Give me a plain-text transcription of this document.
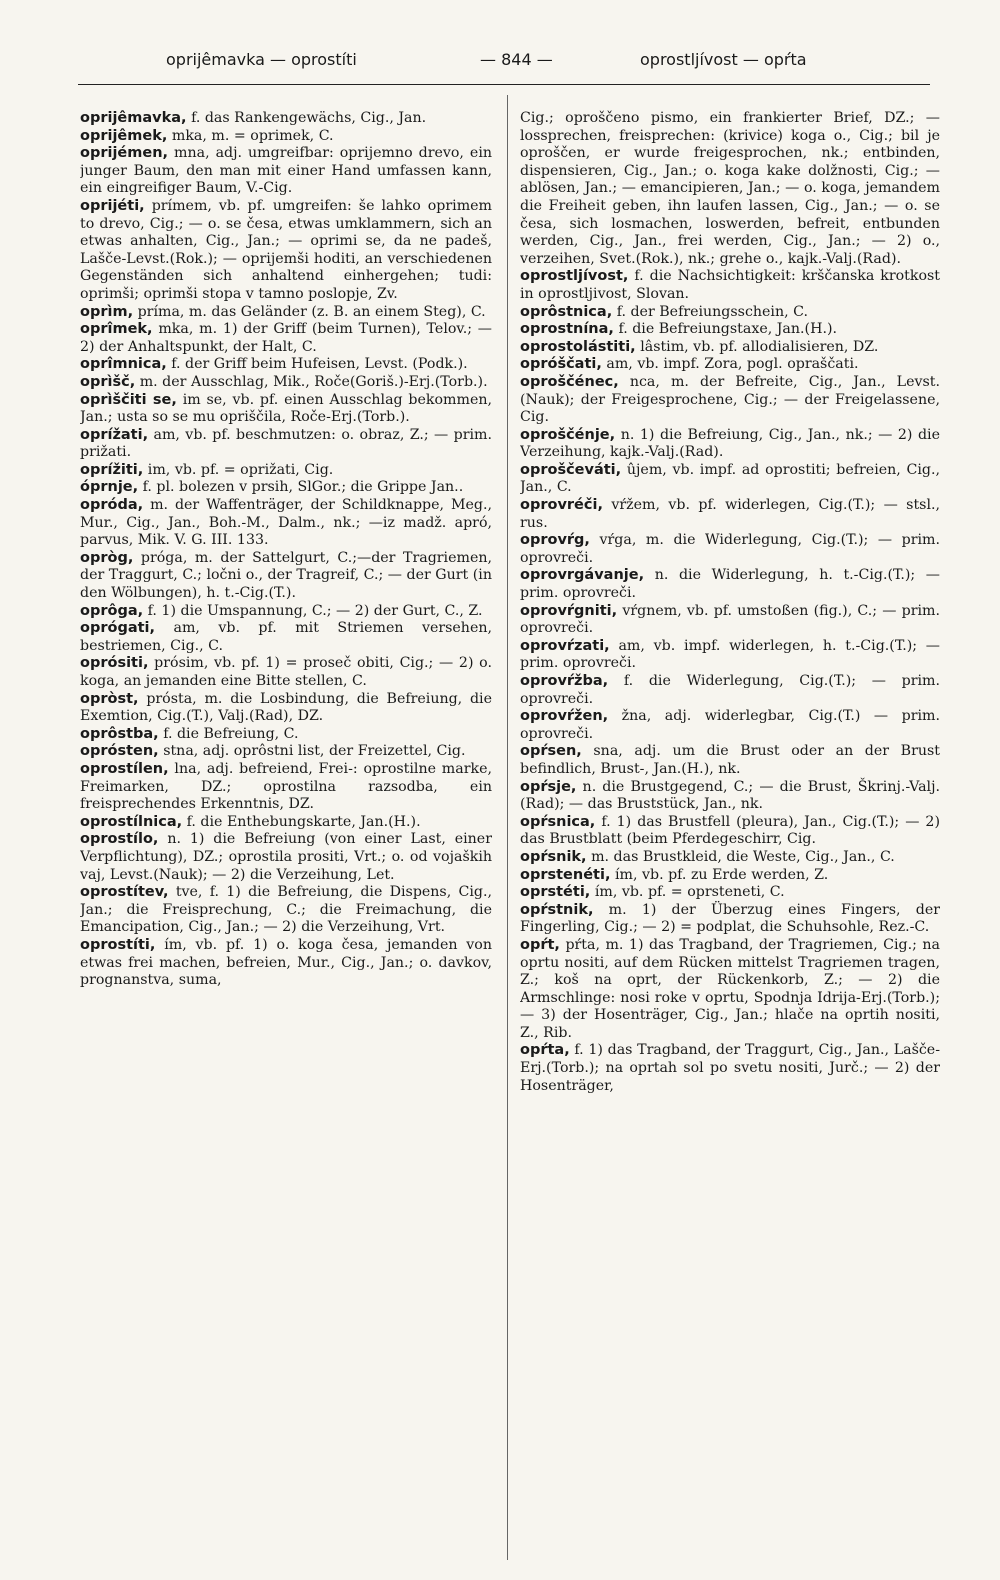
oprijêmavka — oprostíti	— 844 —	oprostljívost — opŕta

oprijêmavka, f. das Rankengewächs, Cig., Jan.

oprijêmek, mka, m. = oprimek, C.

oprijémen, mna, adj. umgreifbar: oprijemno drevo, ein junger Baum, den man mit einer Hand umfassen kann, ein eingreifiger Baum, V.-Cig.

oprijéti, prímem, vb. pf. umgreifen: še lahko oprimem to drevo, Cig.; — o. se česa, etwas umklammern, sich an etwas anhalten, Cig., Jan.; — oprimi se, da ne padeš, Lašče-Levst.(Rok.); — oprijemši hoditi, an verschiedenen Gegenständen sich anhaltend einhergehen; tudi: oprimši; oprimši stopa v tamno poslopje, Zv.

oprìm, príma, m. das Geländer (z. B. an einem Steg), C.

oprîmek, mka, m. 1) der Griff (beim Turnen), Telov.; — 2) der Anhaltspunkt, der Halt, C.

oprîmnica, f. der Griff beim Hufeisen, Levst. (Podk.).

oprìšč, m. der Ausschlag, Mik., Roče(Goriš.)-Erj.(Torb.).

oprìščiti se, im se, vb. pf. einen Ausschlag bekommen, Jan.; usta so se mu opriščila, Roče-Erj.(Torb.).

oprížati, am, vb. pf. beschmutzen: o. obraz, Z.; — prim. prižati.

oprížiti, im, vb. pf. = oprižati, Cig.

óprnje, f. pl. bolezen v prsih, SlGor.; die Grippe Jan..

opróda, m. der Waffenträger, der Schildknappe, Meg., Mur., Cig., Jan., Boh.-M., Dalm., nk.; —iz madž. apró, parvus, Mik. V. G. III. 133.

opròg, próga, m. der Sattelgurt, C.;—der Tragriemen, der Traggurt, C.; ločni o., der Tragreif, C.; — der Gurt (in den Wölbungen), h. t.-Cig.(T.).

oprôga, f. 1) die Umspannung, C.; — 2) der Gurt, C., Z.

oprógati, am, vb. pf. mit Striemen versehen, bestriemen, Cig., C.

oprósiti, prósim, vb. pf. 1) = proseč obiti, Cig.; — 2) o. koga, an jemanden eine Bitte stellen, C.

opròst, prósta, m. die Losbindung, die Befreiung, die Exemtion, Cig.(T.), Valj.(Rad), DZ.

oprôstba, f. die Befreiung, C.

oprósten, stna, adj. oprôstni list, der Freizettel, Cig.

oprostílen, lna, adj. befreiend, Frei-: oprostilne marke, Freimarken, DZ.; oprostilna razsodba, ein freisprechendes Erkenntnis, DZ.

oprostílnica, f. die Enthebungskarte, Jan.(H.).

oprostílo, n. 1) die Befreiung (von einer Last, einer Verpflichtung), DZ.; oprostila prositi, Vrt.; o. od vojaških vaj, Levst.(Nauk); — 2) die Verzeihung, Let.

oprostítev, tve, f. 1) die Befreiung, die Dispens, Cig., Jan.; die Freisprechung, C.; die Freimachung, die Emancipation, Cig., Jan.; — 2) die Verzeihung, Vrt.

oprostíti, ím, vb. pf. 1) o. koga česa, jemanden von etwas frei machen, befreien, Mur., Cig., Jan.; o. davkov, prognanstva, suma,

Cig.; oproščeno pismo, ein frankierter Brief, DZ.; — lossprechen, freisprechen: (krivice) koga o., Cig.; bil je oproščen, er wurde freigesprochen, nk.; entbinden, dispensieren, Cig., Jan.; o. koga kake dolžnosti, Cig.; — ablösen, Jan.; — emancipieren, Jan.; — o. koga, jemandem die Freiheit geben, ihn laufen lassen, Cig., Jan.; — o. se česa, sich losmachen, loswerden, befreit, entbunden werden, Cig., Jan., frei werden, Cig., Jan.; — 2) o., verzeihen, Svet.(Rok.), nk.; grehe o., kajk.-Valj.(Rad).

oprostljívost, f. die Nachsichtigkeit: krščanska krotkost in oprostljivost, Slovan.

oprôstnica, f. der Befreiungsschein, C.

oprostnína, f. die Befreiungstaxe, Jan.(H.).

oprostolástiti, lâstim, vb. pf. allodialisieren, DZ.

opróščati, am, vb. impf. Zora, pogl. opraščati.

oproščénec, nca, m. der Befreite, Cig., Jan., Levst.(Nauk); der Freigesprochene, Cig.; — der Freigelassene, Cig.

oproščénje, n. 1) die Befreiung, Cig., Jan., nk.; — 2) die Verzeihung, kajk.-Valj.(Rad).

oproščeváti, ûjem, vb. impf. ad oprostiti; befreien, Cig., Jan., C.

oprovréči, vŕžem, vb. pf. widerlegen, Cig.(T.); — stsl., rus.

oprovŕg, vŕga, m. die Widerlegung, Cig.(T.); — prim. oprovreči.

oprovrgávanje, n. die Widerlegung, h. t.-Cig.(T.); — prim. oprovreči.

oprovŕgniti, vŕgnem, vb. pf. umstoßen (fig.), C.; — prim. oprovreči.

oprovŕzati, am, vb. impf. widerlegen, h. t.-Cig.(T.); — prim. oprovreči.

oprovŕžba, f. die Widerlegung, Cig.(T.); — prim. oprovreči.

oprovŕžen, žna, adj. widerlegbar, Cig.(T.) — prim. oprovreči.

opŕsen, sna, adj. um die Brust oder an der Brust befindlich, Brust-, Jan.(H.), nk.

opŕsje, n. die Brustgegend, C.; — die Brust, Škrinj.-Valj.(Rad); — das Bruststück, Jan., nk.

opŕsnica, f. 1) das Brustfell (pleura), Jan., Cig.(T.); — 2) das Brustblatt (beim Pferdegeschirr, Cig.

opŕsnik, m. das Brustkleid, die Weste, Cig., Jan., C.

oprstenéti, ím, vb. pf. zu Erde werden, Z.

oprstéti, ím, vb. pf. = oprsteneti, C.

opŕstnik, m. 1) der Überzug eines Fingers, der Fingerling, Cig.; — 2) = podplat, die Schuhsohle, Rez.-C.

opŕt, pŕta, m. 1) das Tragband, der Tragriemen, Cig.; na oprtu nositi, auf dem Rücken mittelst Tragriemen tragen, Z.; koš na oprt, der Rückenkorb, Z.; — 2) die Armschlinge: nosi roke v oprtu, Spodnja Idrija-Erj.(Torb.); — 3) der Hosenträger, Cig., Jan.; hlače na oprtih nositi, Z., Rib.

opŕta, f. 1) das Tragband, der Traggurt, Cig., Jan., Lašče-Erj.(Torb.); na oprtah sol po svetu nositi, Jurč.; — 2) der Hosenträger,
